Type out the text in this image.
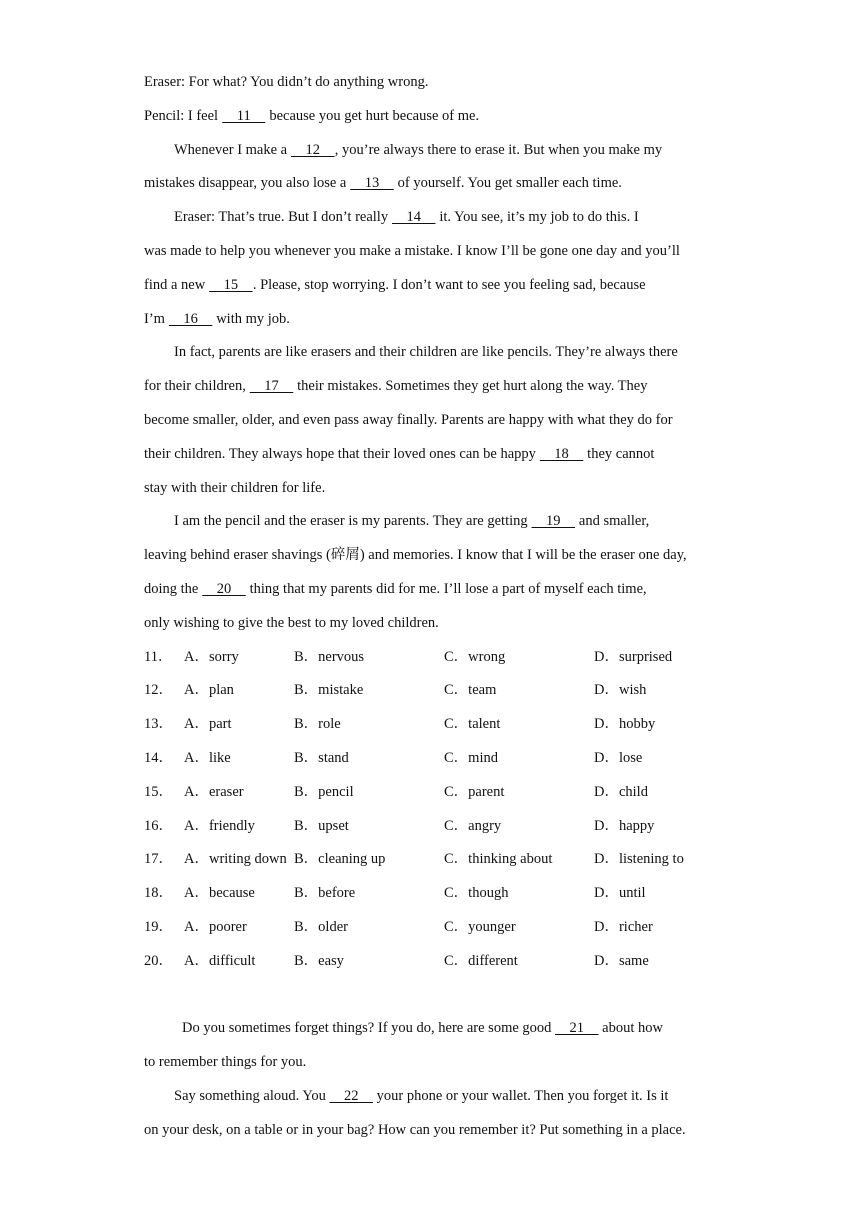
Eraser: For what? You didn’t do anything wrong.
Pencil: I feel     11     because you get hurt because of me.
Whenever I make a     12    , you’re always there to erase it. But when you make my
mistakes disappear, you also lose a     13     of yourself. You get smaller each time.
Eraser: That’s true. But I don’t really     14     it. You see, it’s my job to do this. I
was made to help you whenever you make a mistake. I know I’ll be gone one day and you’ll
find a new     15    . Please, stop worrying. I don’t want to see you feeling sad, because
I’m     16     with my job.
In fact, parents are like erasers and their children are like pencils. They’re always there
for their children,     17     their mistakes. Sometimes they get hurt along the way. They
become smaller, older, and even pass away finally. Parents are happy with what they do for
their children. They always hope that their loved ones can be happy     18     they cannot
stay with their children for life.
I am the pencil and the eraser is my parents. They are getting     19     and smaller,
leaving behind eraser shavings (碎屑) and memories. I know that I will be the eraser one day,
doing the     20     thing that my parents did for me. I’ll lose a part of myself each time,
only wishing to give the best to my loved children.
11． A．sorry	B．nervous	C．wrong	D．surprised
12． A．plan	B．mistake	C．team	D．wish
13． A．part	B．role	C．talent	D．hobby
14． A．like	B．stand	C．mind	D．lose
15． A．eraser	B．pencil	C．parent	D．child
16． A．friendly	B．upset	C．angry	D．happy
17． A．writing down B．cleaning up	C．thinking about	D．listening to
18． A．because	B．before	C．though	D．until
19． A．poorer	B．older	C．younger	D．richer
20． A．difficult	B．easy	C．different	D．same
Do you sometimes forget things? If you do, here are some good     21     about how
to remember things for you.
Say something aloud. You     22     your phone or your wallet. Then you forget it. Is it
on your desk, on a table or in your bag? How can you remember it? Put something in a place.
